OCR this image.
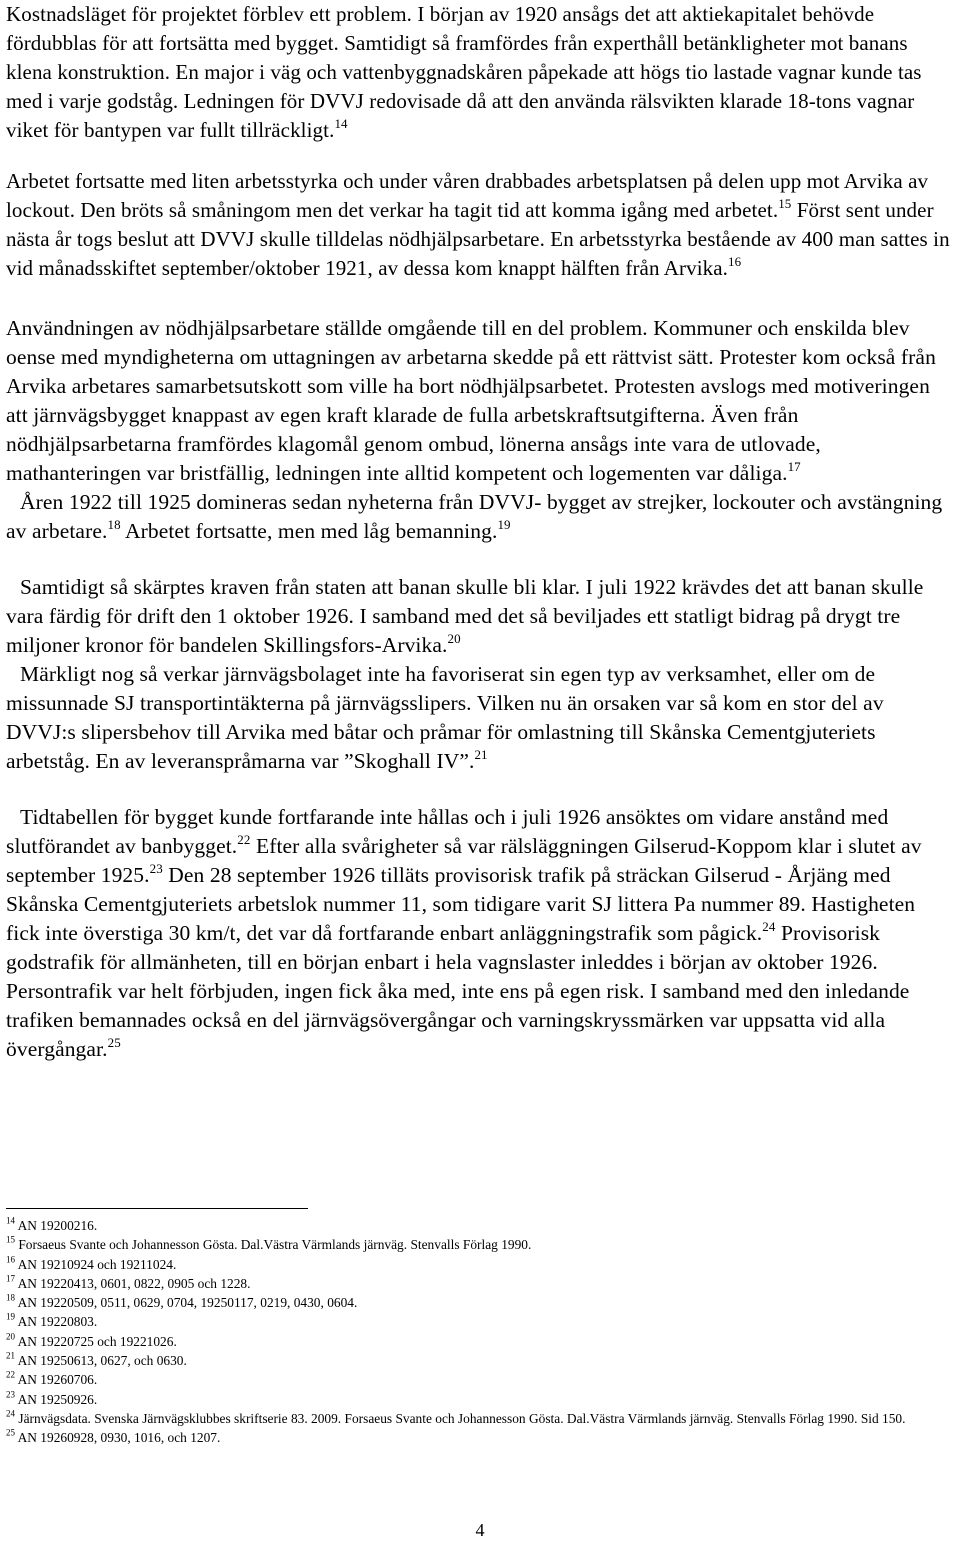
Kostnadsläget för projektet förblev ett problem. I början av 1920 ansågs det att aktiekapitalet behövde fördubblas för att fortsätta med bygget. Samtidigt så framfördes från experthåll betänkligheter mot banans klena konstruktion. En major i väg och vattenbyggnadskåren påpekade att högs tio lastade vagnar kunde tas med i varje godståg. Ledningen för DVVJ redovisade då att den använda rälsvikten klarade 18-tons vagnar viket för bantypen var fullt tillräckligt.$^{14}$

Arbetet fortsatte med liten arbetsstyrka och under våren drabbades arbetsplatsen på delen upp mot Arvika av lockout. Den bröts så småningom men det verkar ha tagit tid att komma igång med arbetet.$^{15}$ Först sent under nästa år togs beslut att DVVJ skulle tilldelas nödhjälpsarbetare. En arbetsstyrka bestående av 400 man sattes in vid månadsskiftet september/oktober 1921, av dessa kom knappt hälften från Arvika.$^{16}$

Användningen av nödhjälpsarbetare ställde omgående till en del problem. Kommuner och enskilda blev oense med myndigheterna om uttagningen av arbetarna skedde på ett rättvist sätt. Protester kom också från Arvika arbetares samarbetsutskott som ville ha bort nödhjälpsarbetet. Protesten avslogs med motiveringen att järnvägsbygget knappast av egen kraft klarade de fulla arbetskraftsutgifterna. Även från nödhjälpsarbetarna framfördes klagomål genom ombud, lönerna ansågs inte vara de utlovade, mathanteringen var bristfällig, ledningen inte alltid kompetent och logementen var dåliga.$^{17}$

Åren 1922 till 1925 domineras sedan nyheterna från DVVJ- bygget av strejker, lockouter och avstängning av arbetare.$^{18}$ Arbetet fortsatte, men med låg bemanning.$^{19}$

Samtidigt så skärptes kraven från staten att banan skulle bli klar. I juli 1922 krävdes det att banan skulle vara färdig för drift den 1 oktober 1926. I samband med det så beviljades ett statligt bidrag på drygt tre miljoner kronor för bandelen Skillingsfors-Arvika.$^{20}$

Märkligt nog så verkar järnvägsbolaget inte ha favoriserat sin egen typ av verksamhet, eller om de missunnade SJ transportintäkterna på järnvägsslipers. Vilken nu än orsaken var så kom en stor del av DVVJ:s slipersbehov till Arvika med båtar och pråmar för omlastning till Skånska Cementgjuteriets arbetståg. En av leveranspråmarna var ”Skoghall IV”.$^{21}$

Tidtabellen för bygget kunde fortfarande inte hållas och i juli 1926 ansöktes om vidare anstånd med slutförandet av banbygget.$^{22}$ Efter alla svårigheter så var rälsläggningen Gilserud-Koppom klar i slutet av september 1925.23 Den 28 september 1926 tilläts provisorisk trafik på sträckan Gilserud - Årjäng med Skånska Cementgjuteriets arbetslok nummer 11, som tidigare varit SJ littera Pa nummer 89. Hastigheten fick inte överstiga 30 km/t, det var då fortfarande enbart anläggningstrafik som pågick.$^{24}$ Provisorisk godstrafik för allmänheten, till en början enbart i hela vagnslaster inleddes i början av oktober 1926. Persontrafik var helt förbjuden, ingen fick åka med, inte ens på egen risk. I samband med den inledande trafiken bemannades också en del järnvägsövergångar och varningskryssmärken var uppsatta vid alla övergångar.$^{25}$

$^{14}$ AN 19200216.

$^{15}$ Forsaeus Svante och Johannesson Gösta. Dal.Västra Värmlands järnväg. Stenvalls Förlag 1990.

$^{16}$ AN 19210924 och 19211024.

$^{17}$ AN 19220413, 0601, 0822, 0905 och 1228.

$^{18}$ AN 19220509, 0511, 0629, 0704, 19250117, 0219, 0430, 0604.

$^{19}$ AN 19220803.

$^{20}$ AN 19220725 och 19221026.

$^{21}$ AN 19250613, 0627, och 0630.

$^{22}$ AN 19260706.

$^{23}$ AN 19250926.

$^{24}$ Järnvägsdata. Svenska Järnvägsklubbes skriftserie 83. 2009. Forsaeus Svante och Johannesson Gösta. Dal.Västra Värmlands järnväg. Stenvalls Förlag 1990. Sid 150.

$^{25}$ AN 19260928, 0930, 1016, och 1207.

4
